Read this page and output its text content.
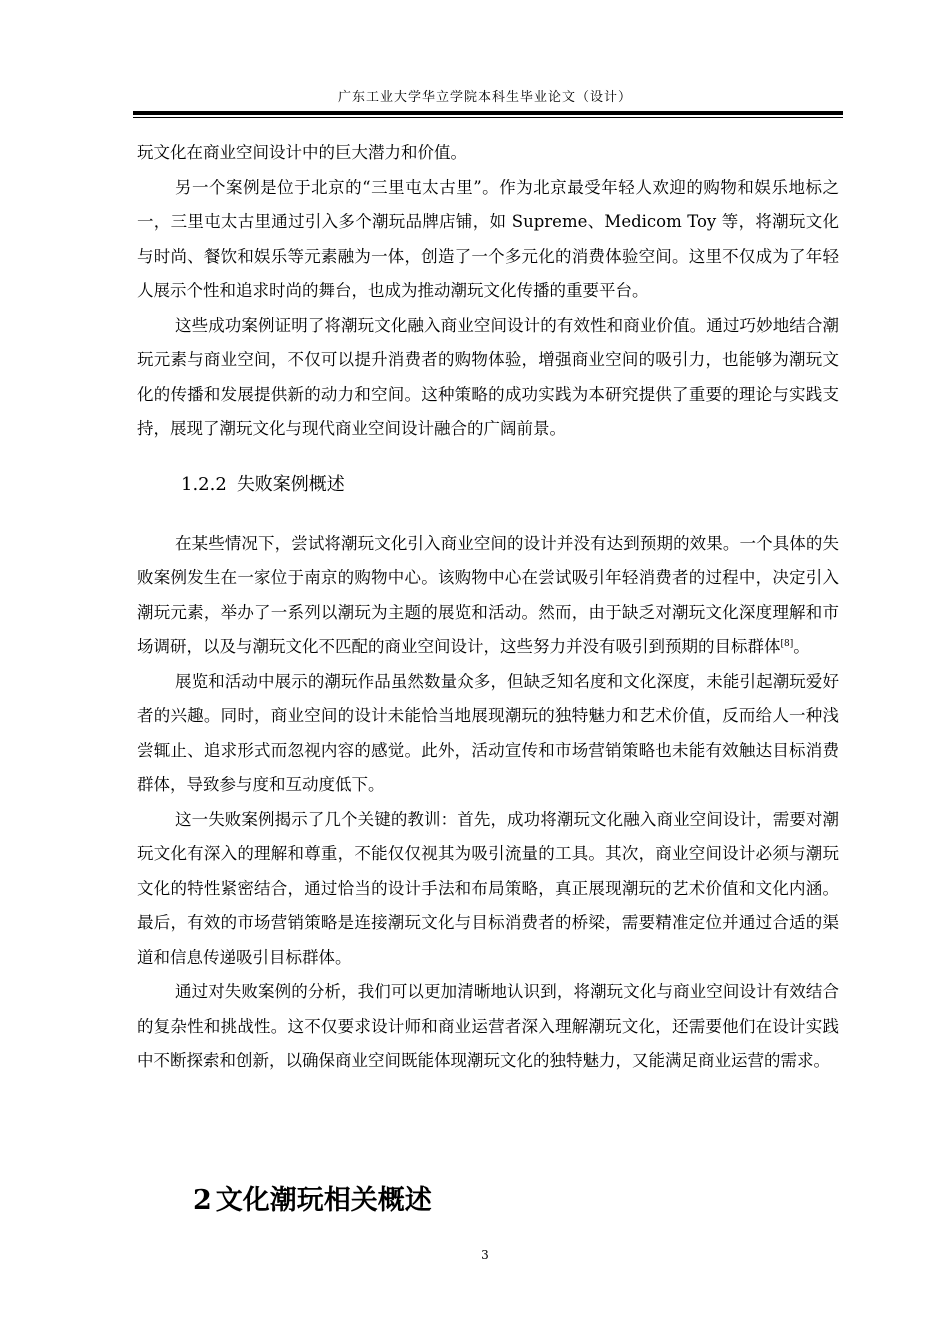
广东工业大学华立学院本科生毕业论文（设计）

玩文化在商业空间设计中的巨大潜力和价值。

另一个案例是位于北京的“三里屯太古里”。作为北京最受年轻人欢迎的购物和娱乐地标之一，三里屯太古里通过引入多个潮玩品牌店铺，如 Supreme、Medicom Toy 等，将潮玩文化与时尚、餐饮和娱乐等元素融为一体，创造了一个多元化的消费体验空间。这里不仅成为了年轻人展示个性和追求时尚的舞台，也成为推动潮玩文化传播的重要平台。

这些成功案例证明了将潮玩文化融入商业空间设计的有效性和商业价值。通过巧妙地结合潮玩元素与商业空间，不仅可以提升消费者的购物体验，增强商业空间的吸引力，也能够为潮玩文化的传播和发展提供新的动力和空间。这种策略的成功实践为本研究提供了重要的理论与实践支持，展现了潮玩文化与现代商业空间设计融合的广阔前景。

1.2.2 失败案例概述

在某些情况下，尝试将潮玩文化引入商业空间的设计并没有达到预期的效果。一个具体的失败案例发生在一家位于南京的购物中心。该购物中心在尝试吸引年轻消费者的过程中，决定引入潮玩元素，举办了一系列以潮玩为主题的展览和活动。然而，由于缺乏对潮玩文化深度理解和市场调研，以及与潮玩文化不匹配的商业空间设计，这些努力并没有吸引到预期的目标群体[8]。

展览和活动中展示的潮玩作品虽然数量众多，但缺乏知名度和文化深度，未能引起潮玩爱好者的兴趣。同时，商业空间的设计未能恰当地展现潮玩的独特魅力和艺术价值，反而给人一种浅尝辄止、追求形式而忽视内容的感觉。此外，活动宣传和市场营销策略也未能有效触达目标消费群体，导致参与度和互动度低下。

这一失败案例揭示了几个关键的教训：首先，成功将潮玩文化融入商业空间设计，需要对潮玩文化有深入的理解和尊重，不能仅仅视其为吸引流量的工具。其次，商业空间设计必须与潮玩文化的特性紧密结合，通过恰当的设计手法和布局策略，真正展现潮玩的艺术价值和文化内涵。最后，有效的市场营销策略是连接潮玩文化与目标消费者的桥梁，需要精准定位并通过合适的渠道和信息传递吸引目标群体。

通过对失败案例的分析，我们可以更加清晰地认识到，将潮玩文化与商业空间设计有效结合的复杂性和挑战性。这不仅要求设计师和商业运营者深入理解潮玩文化，还需要他们在设计实践中不断探索和创新，以确保商业空间既能体现潮玩文化的独特魅力，又能满足商业运营的需求。

2 文化潮玩相关概述
3
